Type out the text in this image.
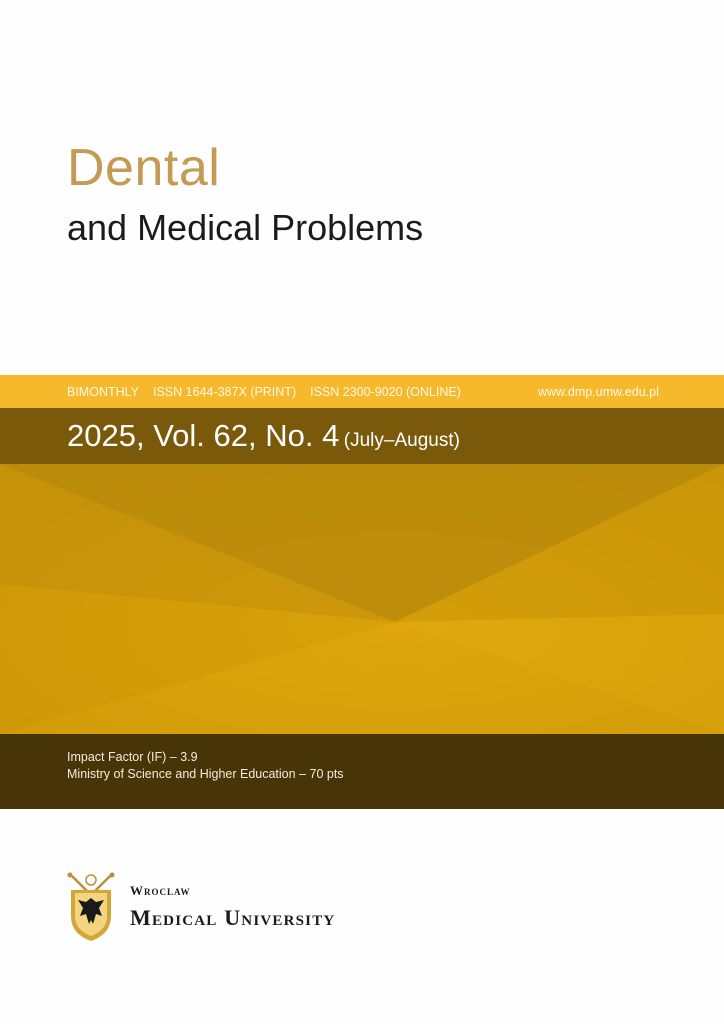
Dental
and Medical Problems
BIMONTHLY ISSN 1644-387X (PRINT) ISSN 2300-9020 (ONLINE)	www.dmp.umw.edu.pl
2025, Vol. 62, No. 4 (July–August)
Impact Factor (IF) – 3.9
Ministry of Science and Higher Education – 70 pts
Wroclaw
Medical University
